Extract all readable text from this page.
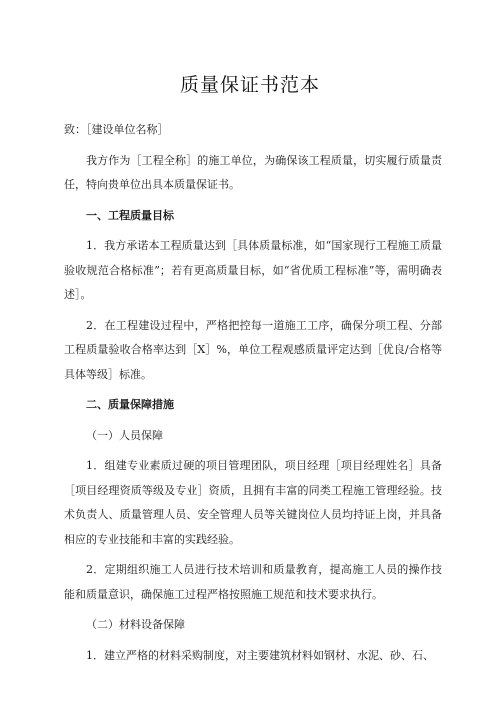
质量保证书范本

致：［建设单位名称］

我方作为［工程全称］的施工单位，为确保该工程质量，切实履行质量责任，特向贵单位出具本质量保证书。

一、工程质量目标

1．我方承诺本工程质量达到［具体质量标准，如“国家现行工程施工质量验收规范合格标准”；若有更高质量目标，如“省优质工程标准”等，需明确表述］。

2．在工程建设过程中，严格把控每一道施工工序，确保分项工程、分部工程质量验收合格率达到［X］%，单位工程观感质量评定达到［优良/合格等具体等级］标准。

二、质量保障措施

（一）人员保障

1．组建专业素质过硬的项目管理团队，项目经理［项目经理姓名］具备［项目经理资质等级及专业］资质，且拥有丰富的同类工程施工管理经验。技术负责人、质量管理人员、安全管理人员等关键岗位人员均持证上岗，并具备相应的专业技能和丰富的实践经验。

2．定期组织施工人员进行技术培训和质量教育，提高施工人员的操作技能和质量意识，确保施工过程严格按照施工规范和技术要求执行。

（二）材料设备保障

1．建立严格的材料采购制度，对主要建筑材料如钢材、水泥、砂、石、
